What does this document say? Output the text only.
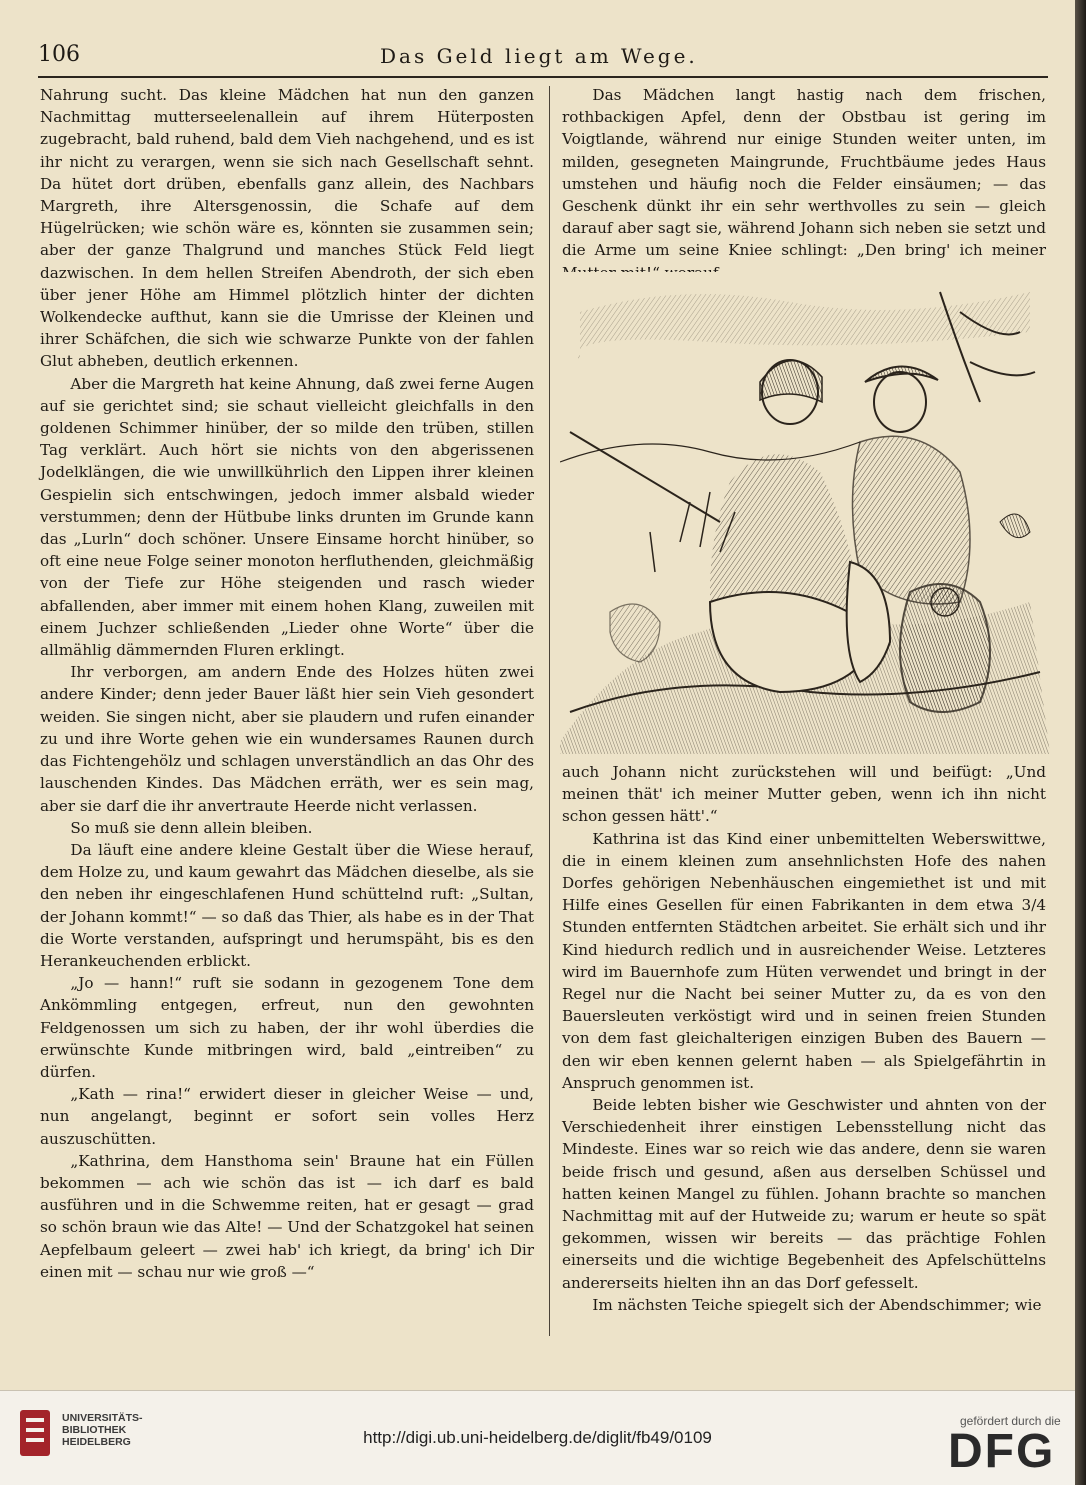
106	Das Geld liegt am Wege.

Nahrung sucht. Das kleine Mädchen hat nun den ganzen Nachmittag mutterseelenallein auf ihrem Hüterposten zugebracht, bald ruhend, bald dem Vieh nachgehend, und es ist ihr nicht zu verargen, wenn sie sich nach Gesellschaft sehnt. Da hütet dort drüben, ebenfalls ganz allein, des Nachbars Margreth, ihre Altersgenossin, die Schafe auf dem Hügelrücken; wie schön wäre es, könnten sie zusammen sein; aber der ganze Thalgrund und manches Stück Feld liegt dazwischen. In dem hellen Streifen Abendroth, der sich eben über jener Höhe am Himmel plötzlich hinter der dichten Wolkendecke aufthut, kann sie die Umrisse der Kleinen und ihrer Schäfchen, die sich wie schwarze Punkte von der fahlen Glut abheben, deutlich erkennen.

Aber die Margreth hat keine Ahnung, daß zwei ferne Augen auf sie gerichtet sind; sie schaut vielleicht gleichfalls in den goldenen Schimmer hinüber, der so milde den trüben, stillen Tag verklärt. Auch hört sie nichts von den abgerissenen Jodelklängen, die wie unwillkührlich den Lippen ihrer kleinen Gespielin sich entschwingen, jedoch immer alsbald wieder verstummen; denn der Hütbube links drunten im Grunde kann das „Lurln“ doch schöner. Unsere Einsame horcht hinüber, so oft eine neue Folge seiner monoton herfluthenden, gleichmäßig von der Tiefe zur Höhe steigenden und rasch wieder abfallenden, aber immer mit einem hohen Klang, zuweilen mit einem Juchzer schließenden „Lieder ohne Worte“ über die allmählig dämmernden Fluren erklingt.

Ihr verborgen, am andern Ende des Holzes hüten zwei andere Kinder; denn jeder Bauer läßt hier sein Vieh gesondert weiden. Sie singen nicht, aber sie plaudern und rufen einander zu und ihre Worte gehen wie ein wundersames Raunen durch das Fichtengehölz und schlagen unverständlich an das Ohr des lauschenden Kindes. Das Mädchen erräth, wer es sein mag, aber sie darf die ihr anvertraute Heerde nicht verlassen.

So muß sie denn allein bleiben.

Da läuft eine andere kleine Gestalt über die Wiese herauf, dem Holze zu, und kaum gewahrt das Mädchen dieselbe, als sie den neben ihr eingeschlafenen Hund schüttelnd ruft: „Sultan, der Johann kommt!“ — so daß das Thier, als habe es in der That die Worte verstanden, aufspringt und herumspäht, bis es den Herankeuchenden erblickt.

„Jo — hann!“ ruft sie sodann in gezogenem Tone dem Ankömmling entgegen, erfreut, nun den gewohnten Feldgenossen um sich zu haben, der ihr wohl überdies die erwünschte Kunde mitbringen wird, bald „eintreiben“ zu dürfen.

„Kath — rina!“ erwidert dieser in gleicher Weise — und, nun angelangt, beginnt er sofort sein volles Herz auszuschütten.

„Kathrina, dem Hansthoma sein' Braune hat ein Füllen bekommen — ach wie schön das ist — ich darf es bald ausführen und in die Schwemme reiten, hat er gesagt — grad so schön braun wie das Alte! — Und der Schatzgokel hat seinen Aepfelbaum geleert — zwei hab' ich kriegt, da bring' ich Dir einen mit — schau nur wie groß —“

Das Mädchen langt hastig nach dem frischen, rothbackigen Apfel, denn der Obstbau ist gering im Voigtlande, während nur einige Stunden weiter unten, im milden, gesegneten Maingrunde, Fruchtbäume jedes Haus umstehen und häufig noch die Felder einsäumen; — das Geschenk dünkt ihr ein sehr werthvolles zu sein — gleich darauf aber sagt sie, während Johann sich neben sie setzt und die Arme um seine Kniee schlingt: „Den bring' ich meiner

auch Johann nicht zurückstehen will und beifügt: „Und meinen thät' ich meiner Mutter geben, wenn ich ihn nicht schon gessen hätt'.“

Kathrina ist das Kind einer unbemittelten Weberswittwe, die in einem kleinen zum ansehnlichsten Hofe des nahen Dorfes gehörigen Nebenhäuschen eingemiethet ist und mit Hilfe eines Gesellen für einen Fabrikanten in dem etwa 3/4 Stunden entfernten Städtchen arbeitet. Sie erhält sich und ihr Kind hiedurch redlich und in ausreichender Weise. Letzteres wird im Bauernhofe zum Hüten verwendet und bringt in der Regel nur die Nacht bei seiner Mutter zu, da es von den Bauersleuten verköstigt wird und in seinen freien Stunden von dem fast gleichalterigen einzigen Buben des Bauern — den wir eben kennen gelernt haben — als Spielgefährtin in Anspruch genommen ist.

Beide lebten bisher wie Geschwister und ahnten von der Verschiedenheit ihrer einstigen Lebensstellung nicht das Mindeste. Eines war so reich wie das andere, denn sie waren beide frisch und gesund, aßen aus derselben Schüssel und hatten keinen Mangel zu fühlen. Johann brachte so manchen Nachmittag mit auf der Hutweide zu; warum er heute so spät gekommen, wissen wir bereits — das prächtige Fohlen einerseits und die wichtige Begebenheit des Apfelschüttelns andererseits hielten ihn an das Dorf gefesselt.

Im nächsten Teiche spiegelt sich der Abendschimmer; wie

UNIVERSITÄTS-
BIBLIOTHEK
HEIDELBERG	http://digi.ub.uni-heidelberg.de/diglit/fb49/0109
gefördert durch die
DFG
